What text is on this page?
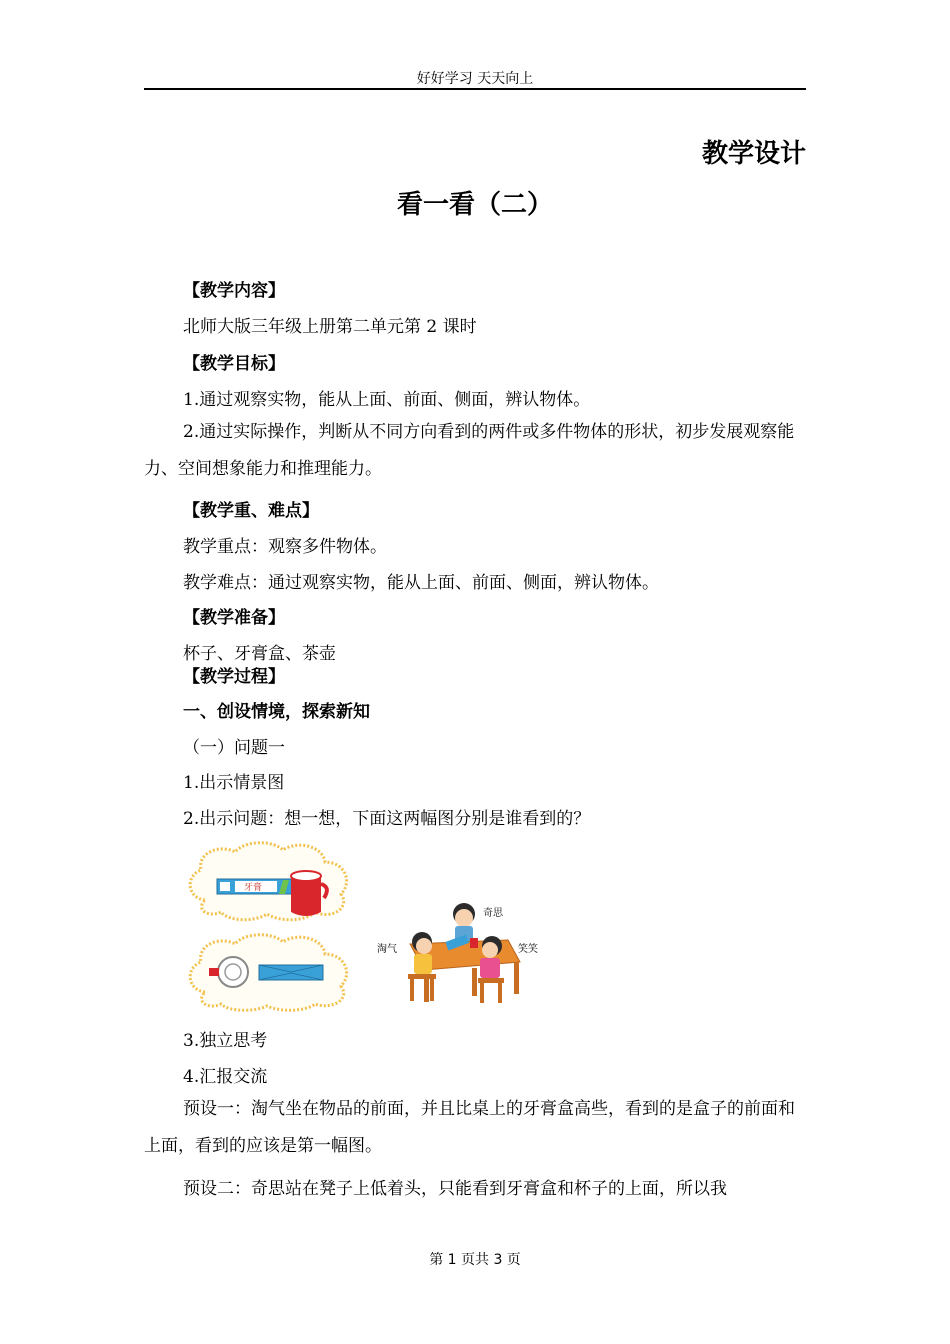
好好学习 天天向上
教学设计
看一看（二）
【教学内容】
北师大版三年级上册第二单元第 2 课时
【教学目标】
1.通过观察实物，能从上面、前面、侧面，辨认物体。
2.通过实际操作，判断从不同方向看到的两件或多件物体的形状，初步发展观察能力、空间想象能力和推理能力。
【教学重、难点】
教学重点：观察多件物体。
教学难点：通过观察实物，能从上面、前面、侧面，辨认物体。
【教学准备】
杯子、牙膏盒、茶壶
【教学过程】
一、创设情境，探索新知
（一）问题一
1.出示情景图
2.出示问题：想一想，下面这两幅图分别是谁看到的？
牙膏
奇思
淘气	笑笑
3.独立思考
4.汇报交流
预设一：淘气坐在物品的前面，并且比桌上的牙膏盒高些，看到的是盒子的前面和上面，看到的应该是第一幅图。
预设二：奇思站在凳子上低着头，只能看到牙膏盒和杯子的上面，所以我
第 1 页共 3 页
